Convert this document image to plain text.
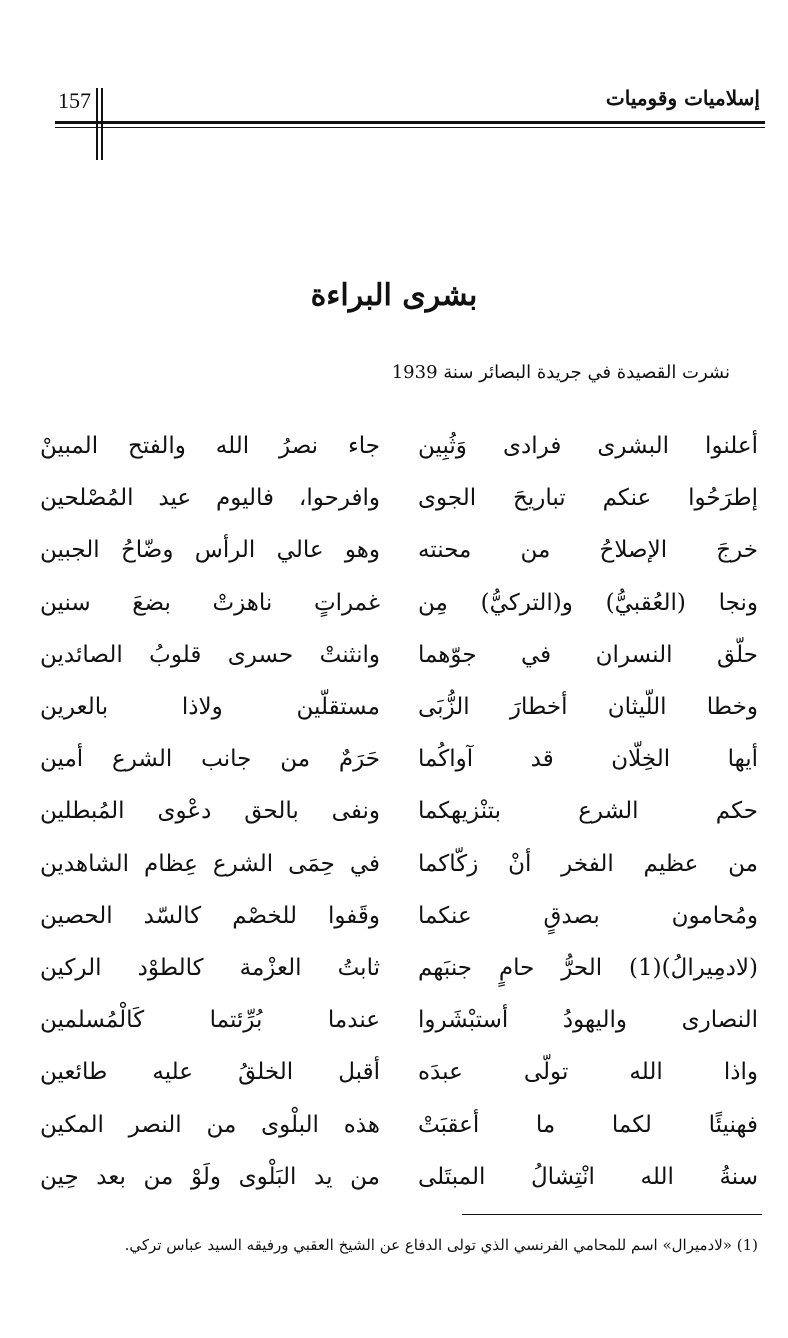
إسلاميات وقوميات
157
بشرى البراءة
نشرت القصيدة في جريدة البصائر سنة 1939
أعلنوا البشرى فرادى وَثُبِين
جاء نصرُ الله والفتح المبينْ
إطرَحُوا عنكم تباريحَ الجوى
وافرحوا، فاليوم عيد المُصْلحين
خرجَ الإصلاحُ من محنته
وهو عالي الرأس وضّاحُ الجبين
ونجا (العُقبيُّ) و(التركيُّ) مِن
غمراتٍ ناهزتْ بضعَ سنين
حلّق النسران في جوّهما
وانثنتْ حسرى قلوبُ الصائدين
وخطا اللّيثان أخطارَ الزُّبَى
مستقلّين ولاذا بالعرين
أيها الخِلّان قد آواكُما
حَرَمٌ من جانب الشرع أمين
حكم الشرع بتنْزيهكما
ونفى بالحق دعْوى المُبطلين
من عظيم الفخر أنْ زكّاكما
في حِمَى الشرع عِظام الشاهدين
ومُحامون بصدقٍ عنكما
وقَفوا للخصْم كالسّد الحصين
(لادمِيرالُ)(1) الحرُّ حامٍ جنبَهم
ثابتُ العزْمة كالطوْد الركين
النصارى واليهودُ أستبْشَروا
عندما بُرِّئتما كَالْمُسلمين
واذا الله تولّى عبدَه
أقبل الخلقُ عليه طائعين
فهنيئًا لكما ما أعقبَتْ
هذه البلْوى من النصر المكين
سنةُ الله انْتِشالُ المبتَلى
من يد البَلْوى ولَوْ من بعد حِين
(1) «لادميرال» اسم للمحامي الفرنسي الذي تولى الدفاع عن الشيخ العقبي ورفيقه السيد عباس تركي.
